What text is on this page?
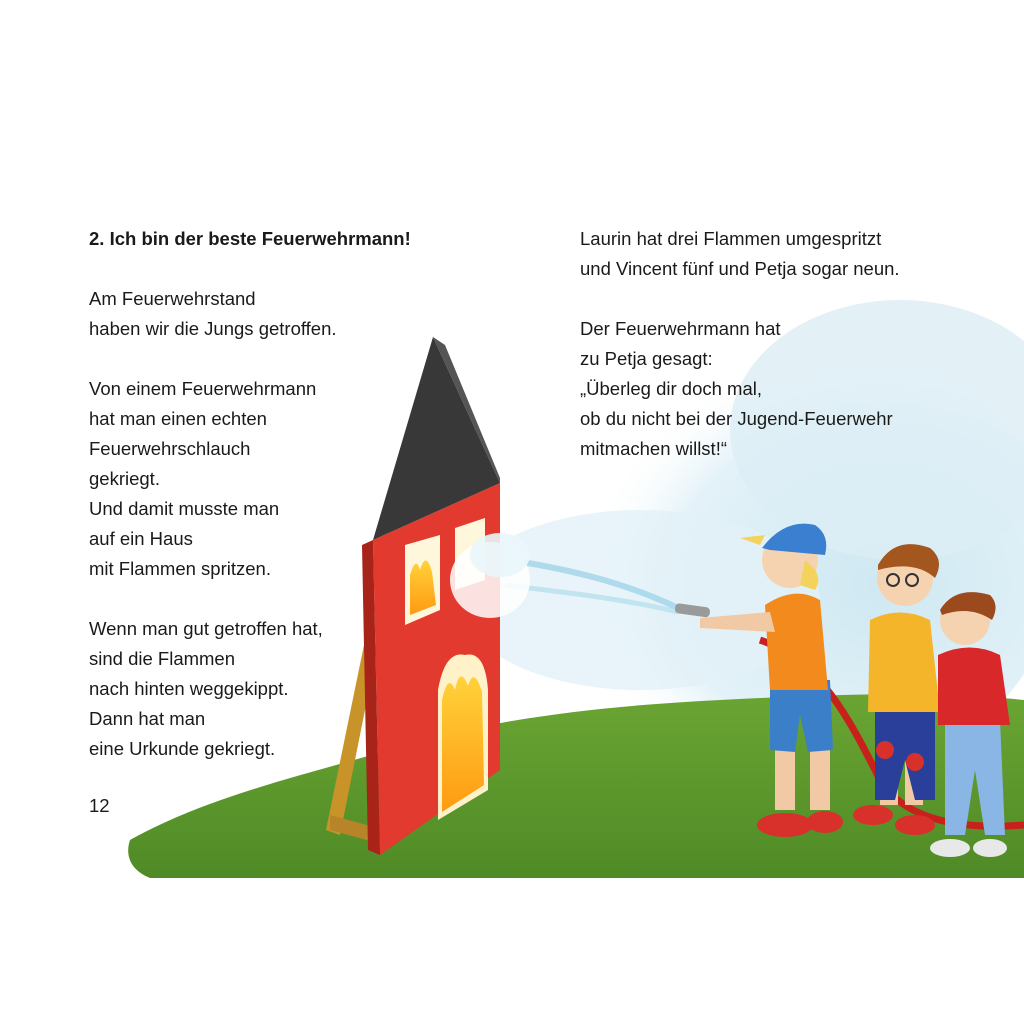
2. Ich bin der beste Feuerwehrmann!

Am Feuerwehrstand
haben wir die Jungs getroffen.

Von einem Feuerwehrmann
hat man einen echten
Feuerwehrschlauch
gekriegt.
Und damit musste man
auf ein Haus
mit Flammen spritzen.

Wenn man gut getroffen hat,
sind die Flammen
nach hinten weggekippt.
Dann hat man
eine Urkunde gekriegt.

Laurin hat drei Flammen umgespritzt
und Vincent fünf und Petja sogar neun.

Der Feuerwehrmann hat
zu Petja gesagt:
„Überleg dir doch mal,
ob du nicht bei der Jugend-Feuerwehr
mitmachen willst!“

12
